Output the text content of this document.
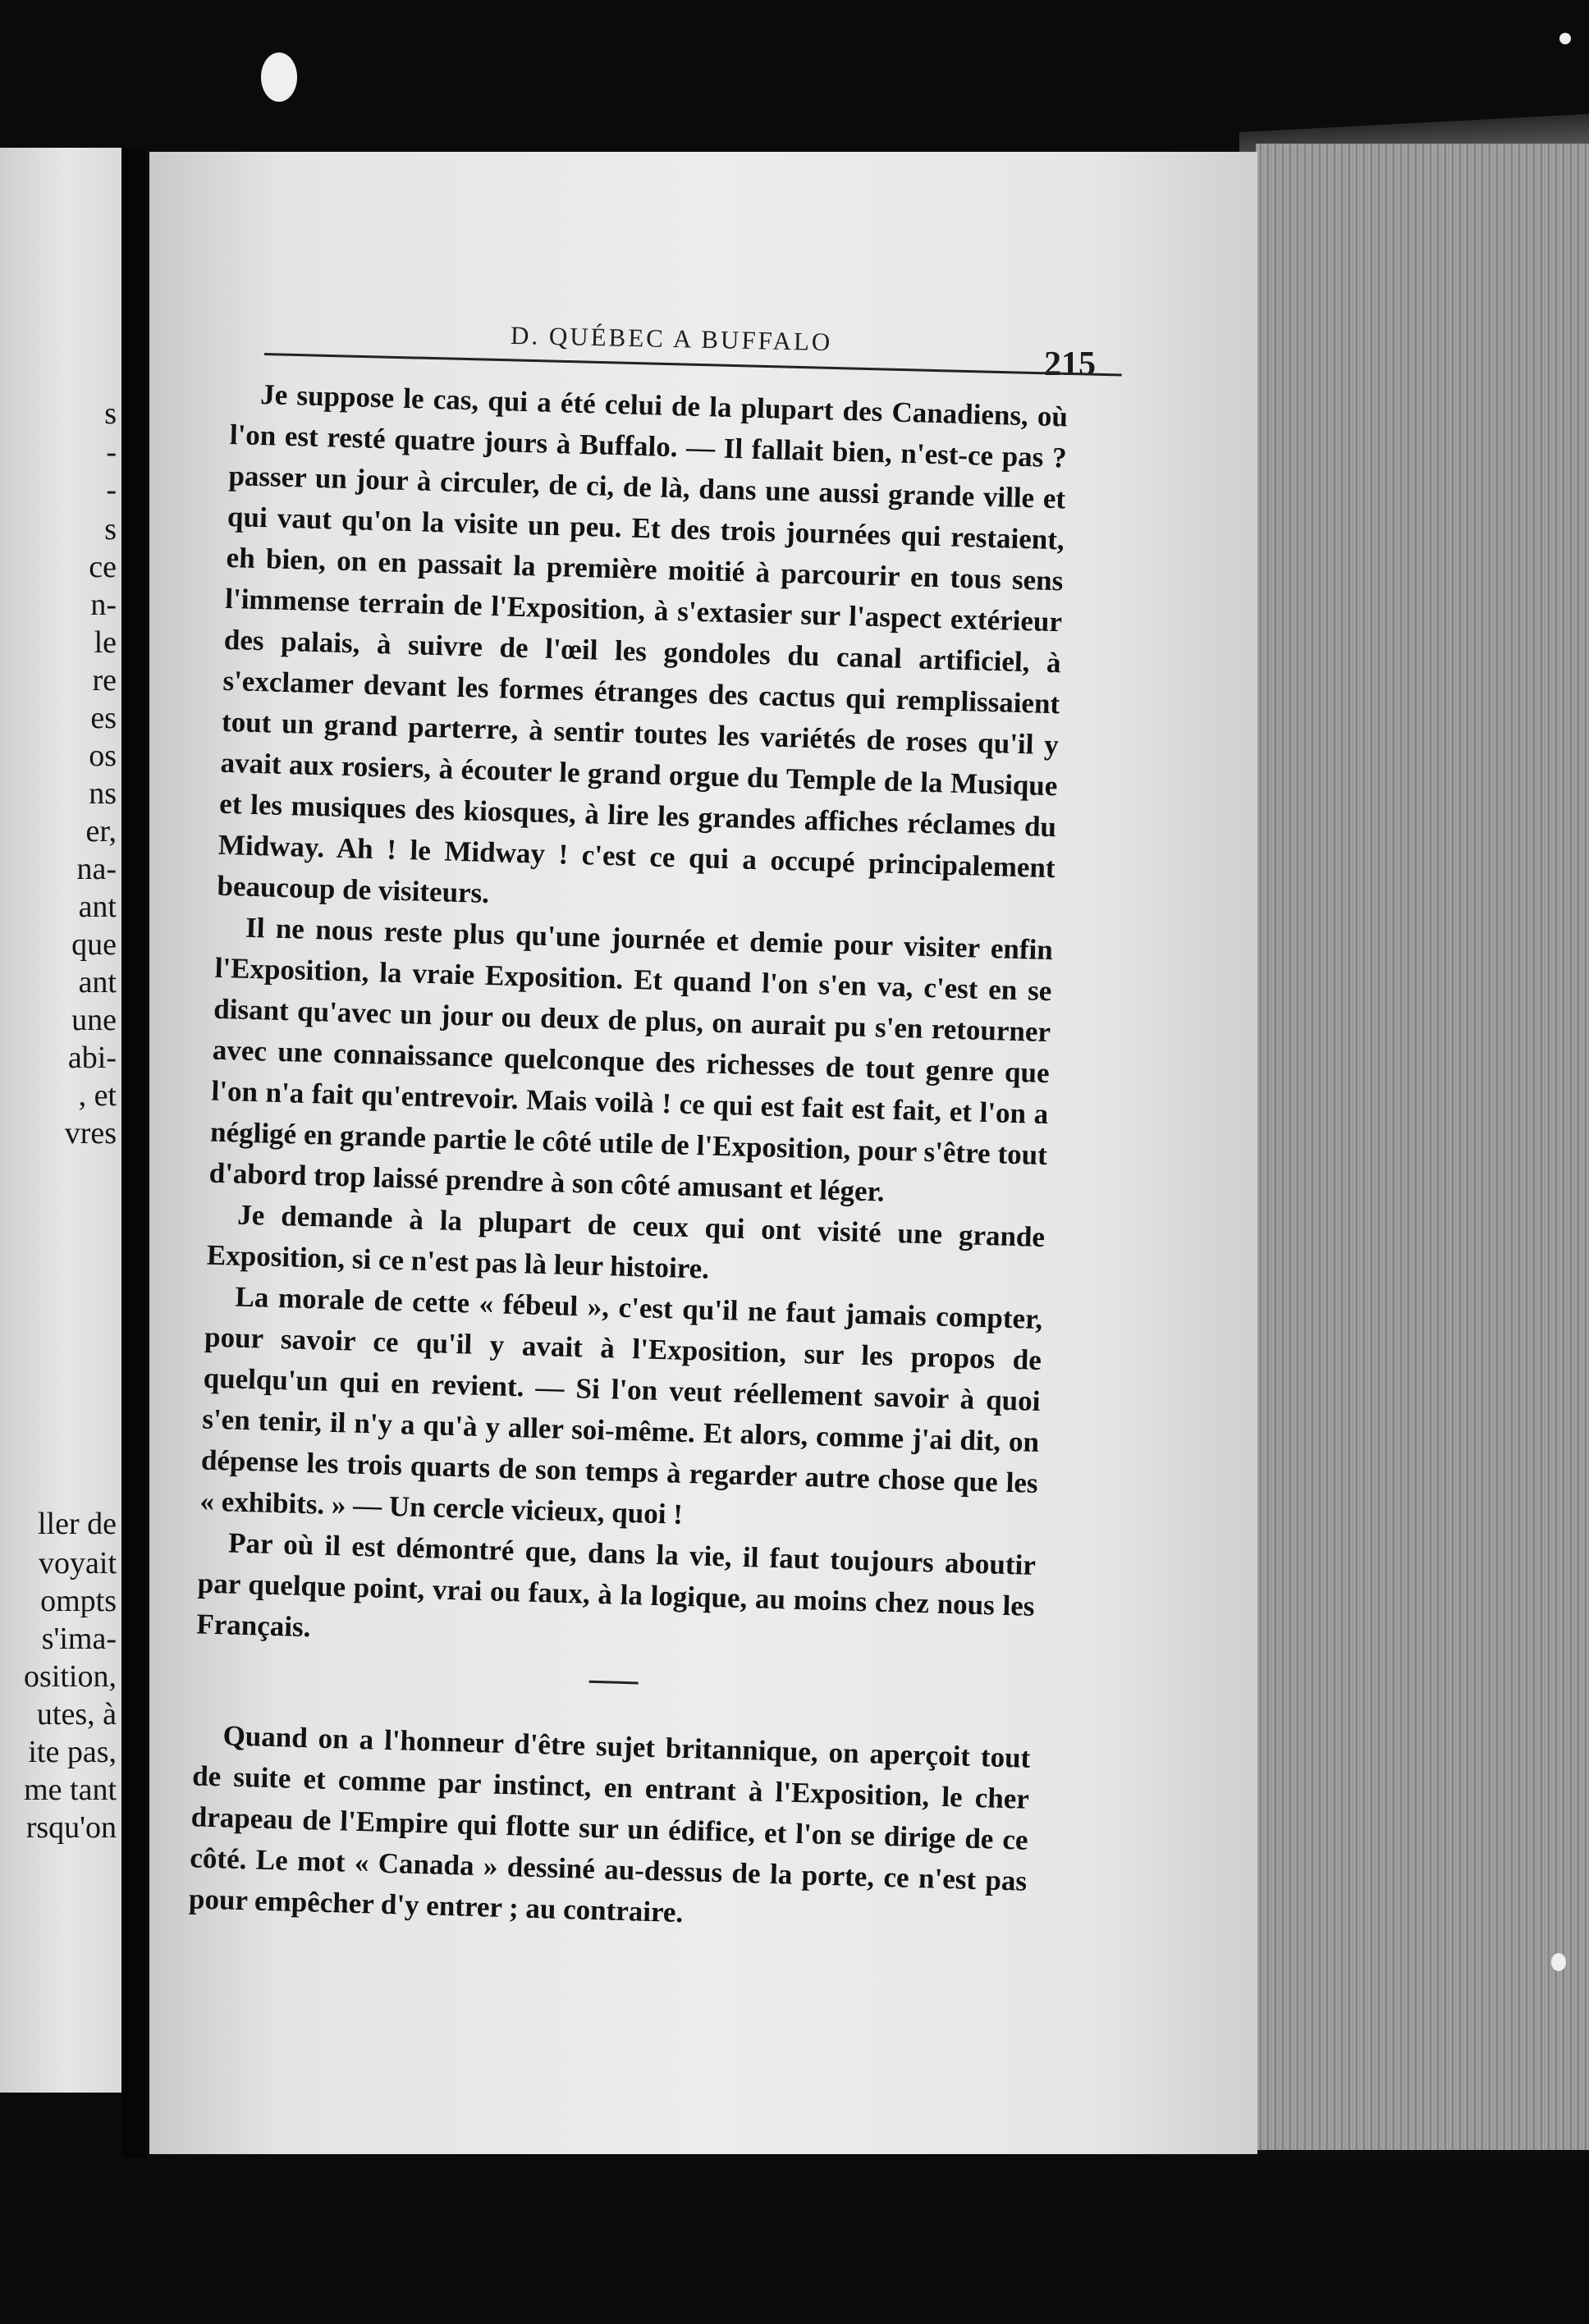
s
-
-
s
ce
n-
le
re
es
os
ns
er,
na-
ant
que
ant
une
abi-
, et
vres
ller de
voyait
ompts
s'ima-
osition,
utes, à
ite pas,
me tant
rsqu'on
D. QUÉBEC A BUFFALO
215

Je suppose le cas, qui a été celui de la plupart des Canadiens, où l'on est resté quatre jours à Buffalo. — Il fallait bien, n'est-ce pas ? passer un jour à circuler, de ci, de là, dans une aussi grande ville et qui vaut qu'on la visite un peu. Et des trois journées qui restaient, eh bien, on en passait la première moitié à parcourir en tous sens l'immense terrain de l'Exposition, à s'extasier sur l'aspect extérieur des palais, à suivre de l'œil les gondoles du canal artificiel, à s'exclamer devant les formes étranges des cactus qui remplissaient tout un grand parterre, à sentir toutes les variétés de roses qu'il y avait aux rosiers, à écouter le grand orgue du Temple de la Musique et les musiques des kiosques, à lire les grandes affiches réclames du Midway. Ah ! le Midway ! c'est ce qui a occupé principalement beaucoup de visiteurs.

Il ne nous reste plus qu'une journée et demie pour visiter enfin l'Exposition, la vraie Exposition. Et quand l'on s'en va, c'est en se disant qu'avec un jour ou deux de plus, on aurait pu s'en retourner avec une connaissance quelconque des richesses de tout genre que l'on n'a fait qu'entrevoir. Mais voilà ! ce qui est fait est fait, et l'on a négligé en grande partie le côté utile de l'Exposition, pour s'être tout d'abord trop laissé prendre à son côté amusant et léger.

Je demande à la plupart de ceux qui ont visité une grande Exposition, si ce n'est pas là leur histoire.

La morale de cette « fébeul », c'est qu'il ne faut jamais compter, pour savoir ce qu'il y avait à l'Exposition, sur les propos de quelqu'un qui en revient. — Si l'on veut réellement savoir à quoi s'en tenir, il n'y a qu'à y aller soi-même. Et alors, comme j'ai dit, on dépense les trois quarts de son temps à regarder autre chose que les « exhibits. » — Un cercle vicieux, quoi !

Par où il est démontré que, dans la vie, il faut toujours aboutir par quelque point, vrai ou faux, à la logique, au moins chez nous les Français.

Quand on a l'honneur d'être sujet britannique, on aperçoit tout de suite et comme par instinct, en entrant à l'Exposition, le cher drapeau de l'Empire qui flotte sur un édifice, et l'on se dirige de ce côté. Le mot « Canada » dessiné au-dessus de la porte, ce n'est pas pour empêcher d'y entrer ; au contraire.
